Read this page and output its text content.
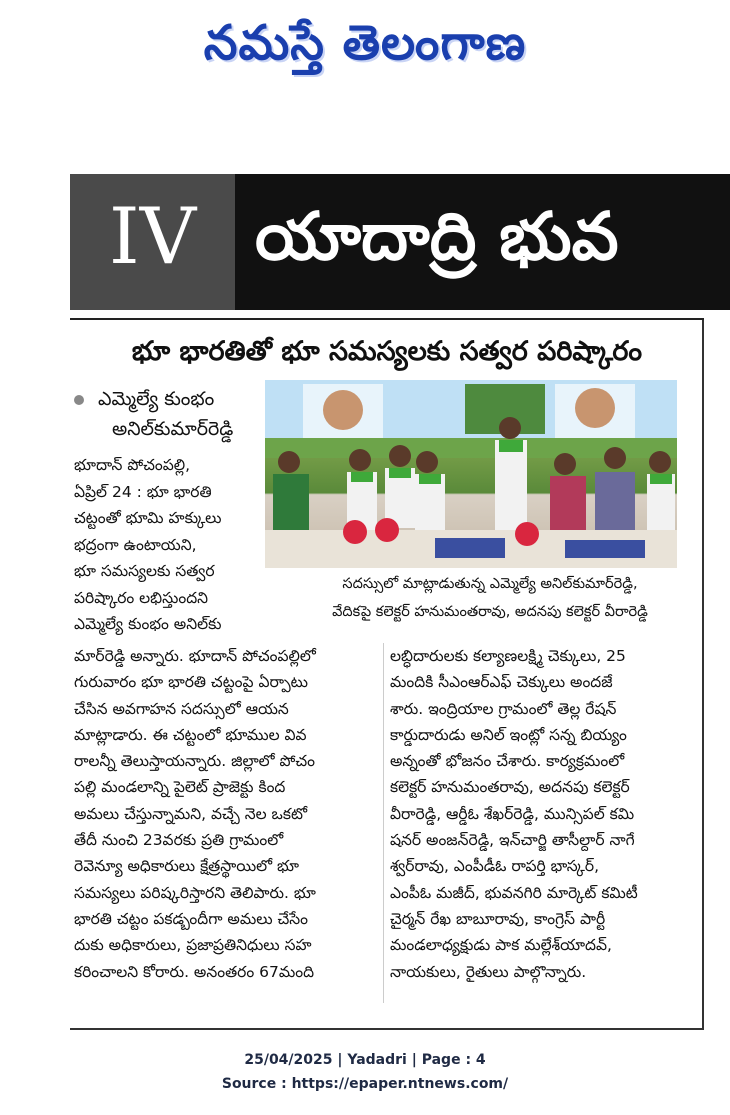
నమస్తే తెలంగాణ
IV యాదాద్రి భువ
భూ భారతితో భూ సమస్యలకు సత్వర పరిష్కారం
ఎమ్మెల్యే కుంభం
అనిల్‌కుమార్‌రెడ్డి
భూదాన్ పోచంపల్లి,
ఏప్రిల్ 24 : భూ భారతి
చట్టంతో భూమి హక్కులు
భద్రంగా ఉంటాయని,
భూ సమస్యలకు సత్వర
పరిష్కారం లభిస్తుందని
ఎమ్మెల్యే కుంభం అనిల్‌కు
సదస్సులో మాట్లాడుతున్న ఎమ్మెల్యే అనిల్‌కుమార్‌రెడ్డి,
వేదికపై కలెక్టర్ హనుమంతరావు, అదనపు కలెక్టర్ వీరారెడ్డి
మార్‌రెడ్డి అన్నారు. భూదాన్ పోచంపల్లిలో
గురువారం భూ భారతి చట్టంపై ఏర్పాటు
చేసిన అవగాహన సదస్సులో ఆయన
మాట్లాడారు. ఈ చట్టంలో భూముల వివ
రాలన్నీ తెలుస్తాయన్నారు. జిల్లాలో పోచం
పల్లి మండలాన్ని పైలెట్ ప్రాజెక్టు కింద
అమలు చేస్తున్నామని, వచ్చే నెల ఒకటో
తేదీ నుంచి 23వరకు ప్రతి గ్రామంలో
రెవెన్యూ అధికారులు క్షేత్రస్థాయిలో భూ
సమస్యలు పరిష్కరిస్తారని తెలిపారు. భూ
భారతి చట్టం పకడ్బందీగా అమలు చేసేం
దుకు అధికారులు, ప్రజాప్రతినిధులు సహ
కరించాలని కోరారు. అనంతరం 67మంది
లబ్ధిదారులకు కల్యాణలక్ష్మి చెక్కులు, 25
మందికి సీఎంఆర్‌ఎఫ్ చెక్కులు అందజే
శారు. ఇంద్రియాల గ్రామంలో తెల్ల రేషన్
కార్డుదారుడు అనిల్ ఇంట్లో సన్న బియ్యం
అన్నంతో భోజనం చేశారు. కార్యక్రమంలో
కలెక్టర్ హనుమంతరావు, అదనపు కలెక్టర్
వీరారెడ్డి, ఆర్డీఓ శేఖర్‌రెడ్డి, మున్సిపల్ కమి
షనర్ అంజన్‌రెడ్డి, ఇన్‌చార్జి తాసీల్దార్ నాగే
శ్వర్‌రావు, ఎంపీడీఓ రాపర్తి భాస్కర్,
ఎంపీఓ మజీద్, భువనగిరి మార్కెట్ కమిటీ
చైర్మన్ రేఖ బాబూరావు, కాంగ్రెస్ పార్టీ
మండలాధ్యక్షుడు పాక మల్లేశ్‌యాదవ్,
నాయకులు, రైతులు పాల్గొన్నారు.
25/04/2025 | Yadadri | Page : 4
Source : https://epaper.ntnews.com/
